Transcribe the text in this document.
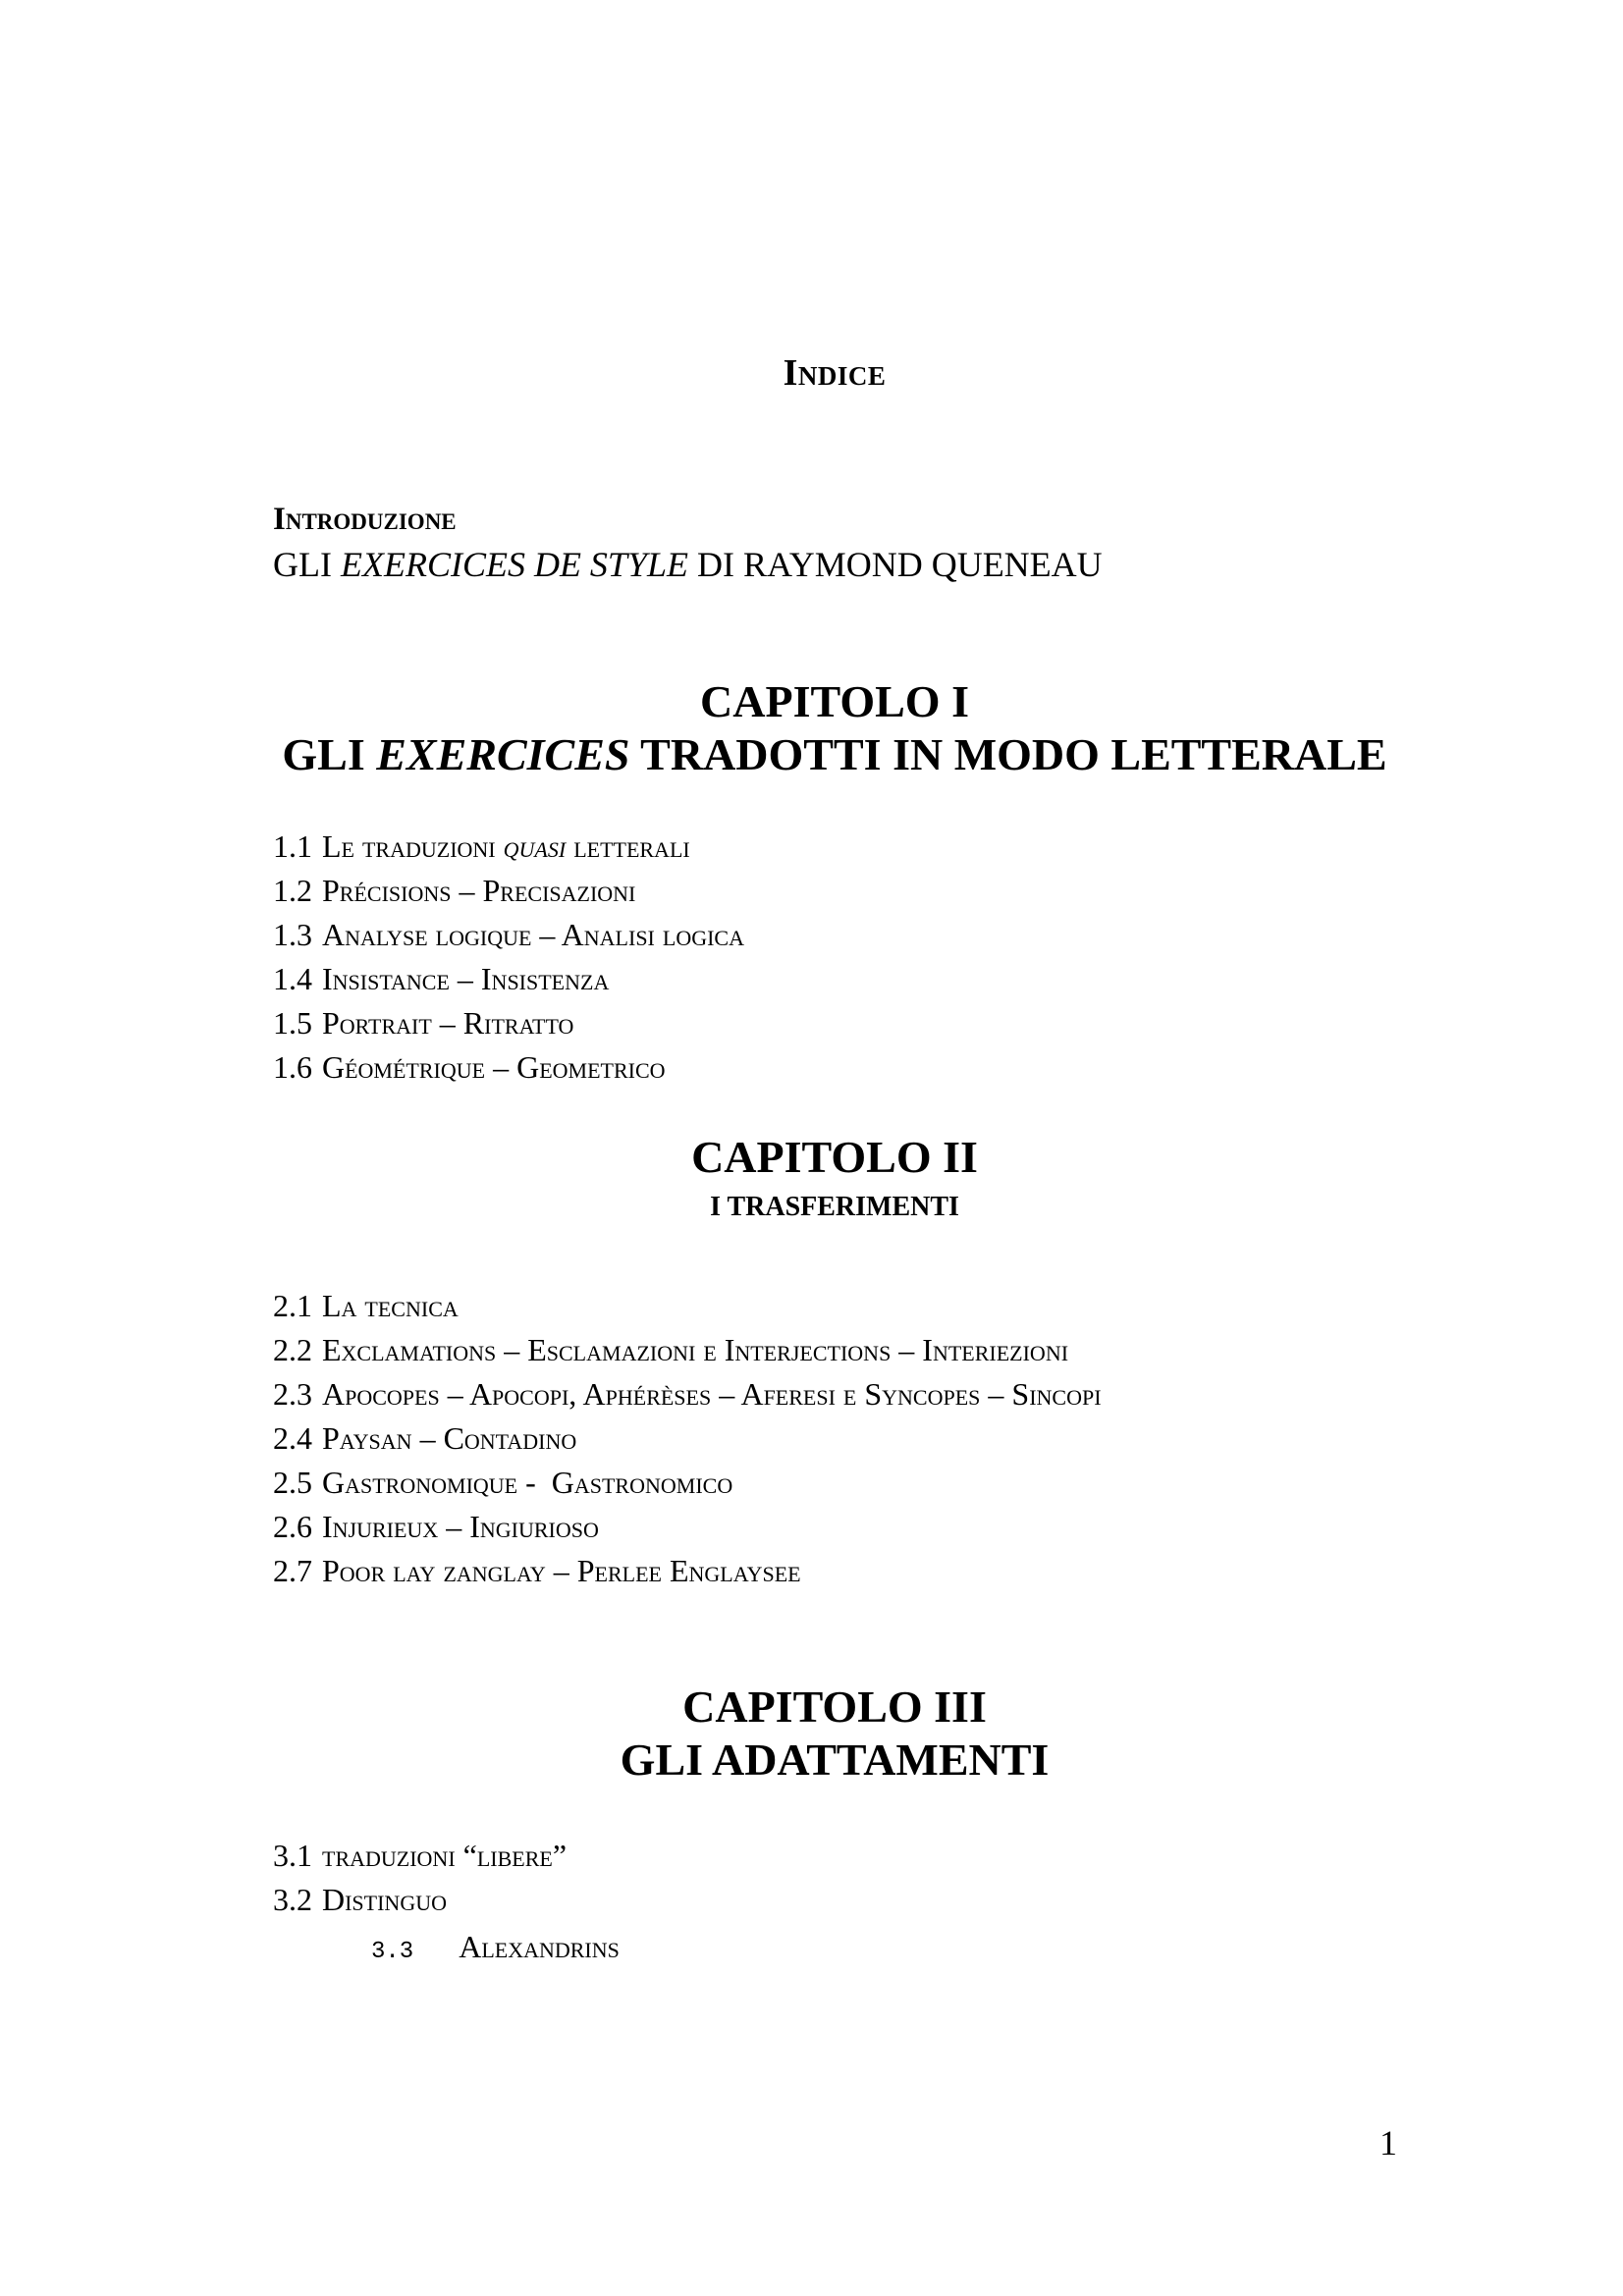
Indice
Introduzione
GLI EXERCICES DE STYLE DI RAYMOND QUENEAU
CAPITOLO I
GLI EXERCICES TRADOTTI IN MODO LETTERALE
1.1 Le traduzioni quasi letterali
1.2 Précisions – Precisazioni
1.3 Analyse logique – Analisi logica
1.4 Insistance – Insistenza
1.5 Portrait – Ritratto
1.6 Géométrique – Geometrico
CAPITOLO II
I TRASFERIMENTI
2.1 La tecnica
2.2 Exclamations – Esclamazioni e Interjections – Interiezioni
2.3 Apocopes – Apocopi, Aphérèses – Aferesi e Syncopes – Sincopi
2.4 Paysan – Contadino
2.5 Gastronomique -  Gastronomico
2.6 Injurieux – Ingiurioso
2.7 Poor lay zanglay – Perlee Englaysee
CAPITOLO III
GLI ADATTAMENTI
3.1 traduzioni “libere”
3.2 Distinguo
3.3 Alexandrins
1
